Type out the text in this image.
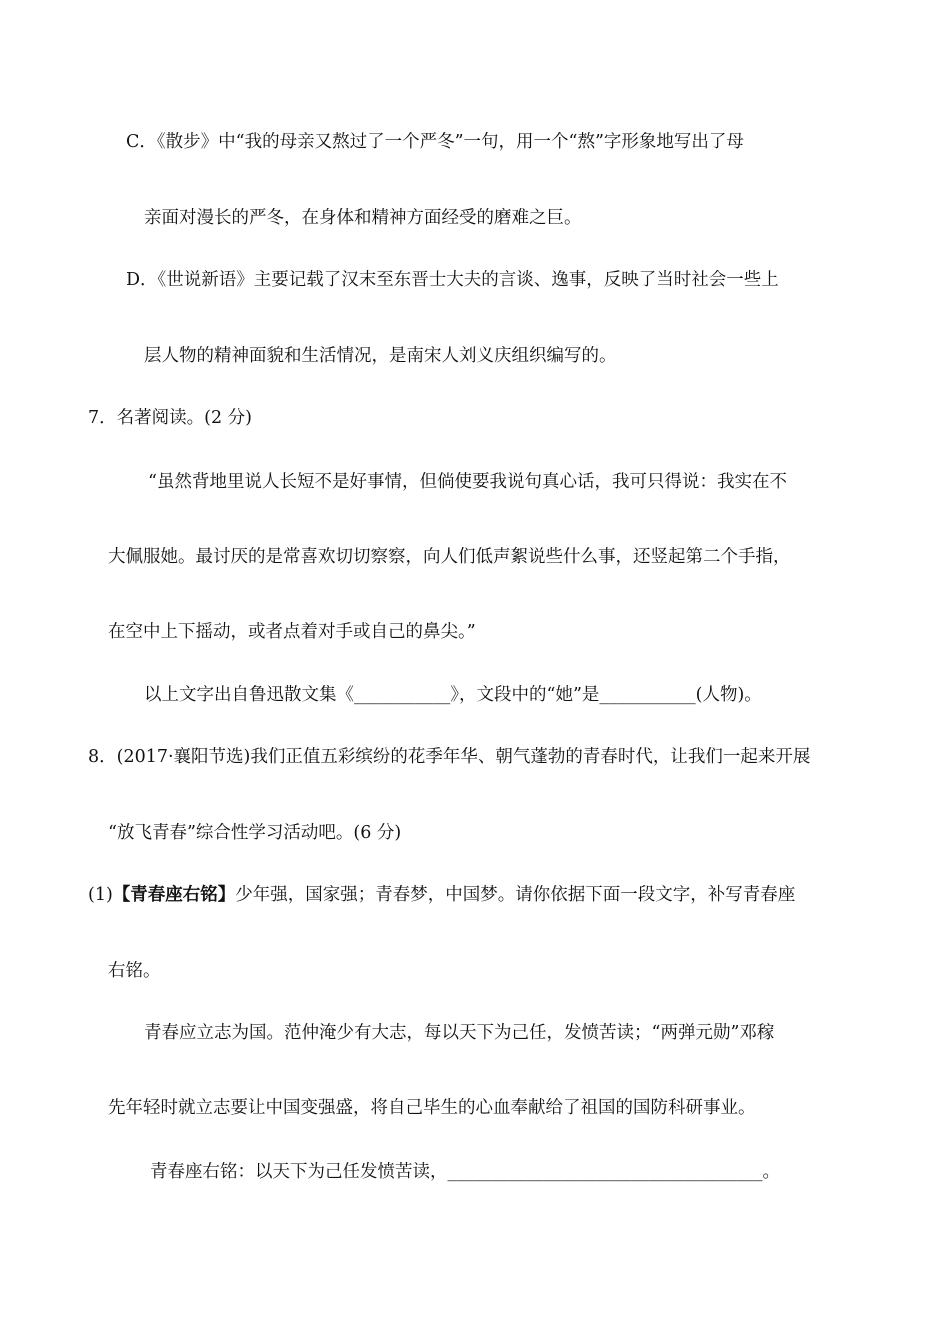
C．《散步》中“我的母亲又熬过了一个严冬”一句，用一个“熬”字形象地写出了母
亲面对漫长的严冬，在身体和精神方面经受的磨难之巨。
D．《世说新语》主要记载了汉末至东晋士大夫的言谈、逸事，反映了当时社会一些上
层人物的精神面貌和生活情况，是南宋人刘义庆组织编写的。
7．名著阅读。(2 分)
“虽然背地里说人长短不是好事情，但倘使要我说句真心话，我可只得说：我实在不
大佩服她。最讨厌的是常喜欢切切察察，向人们低声絮说些什么事，还竖起第二个手指，
在空中上下摇动，或者点着对手或自己的鼻尖。”
以上文字出自鲁迅散文集《___________》，文段中的“她”是___________(人物)。
8．(2017·襄阳节选)我们正值五彩缤纷的花季年华、朝气蓬勃的青春时代，让我们一起来开展
“放飞青春”综合性学习活动吧。(6 分)
(1)【青春座右铭】少年强，国家强；青春梦，中国梦。请你依据下面一段文字，补写青春座
右铭。
青春应立志为国。范仲淹少有大志，每以天下为己任，发愤苦读；“两弹元勋”邓稼
先年轻时就立志要让中国变强盛，将自己毕生的心血奉献给了祖国的国防科研事业。
青春座右铭：以天下为己任发愤苦读，____________________________________。
